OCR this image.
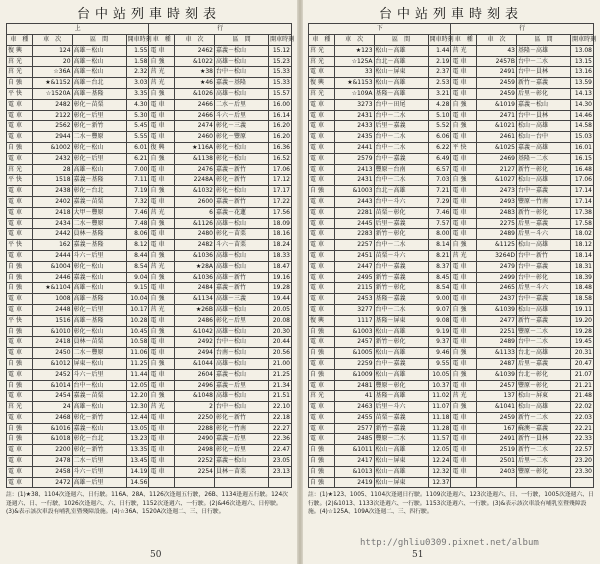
台中站列車時刻表
上				行			
車　種	車　次	區　間	開車時刻	車　種	車　次	區　間	開車時刻
復興	124	高雄－松山	1.55	電車	2462	嘉義－松山	15.12
莒光	20	高雄－松山	1.58	自強	&1022	高雄－松山	15.23
莒光	☆36A	高雄－松山	2.32	莒光	★38	台中－松山	15.33
自強	★&1152	高雄－台北	3.03	莒光	★46	嘉義－基隆	15.33
平快	☆1520A	高雄－基隆	3.35	自強	&1026	高雄－松山	15.57
電車	2482	彰化－苗栗	4.30	電車	2466	二水－后里	16.00
電車	2122	彰化－后里	5.30	電車	2466	斗六－后里	16.14
電車	2562	彰化－新竹	5.45	電車	2474	彰化－三義	16.20
電車	2944	二水－豐原	5.55	電車	2460	彰化－豐原	16.20
自強	&1002	彰化－松山	6.01	復興	★116A	彰化－松山	16.36
電車	2432	彰化－后里	6.21	自強	&1138	彰化－松山	16.52
莒光	28	高雄－松山	7.00	電車	2476	嘉義－新竹	17.06
平快	1518	嘉義－基隆	7.11	電車	2248A	彰化－新竹	17.12
電車	2438	彰化－台北	7.19	自強	&1032	彰化－松山	17.17
電車	2402	嘉義－苗栗	7.32	電車	2600	嘉義－新竹	17.22
電車	2418	大甲－豐原	7.46	莒光	6	嘉義－花蓮	17.56
電車	2434	二水－豐原	7.48	自強	&1126	高雄－松山	18.09
電車	2442	員林－基隆	8.06	電車	2480	彰化－苗栗	18.16
平快	162	嘉義－基隆	8.12	電車	2482	斗六－苗栗	18.24
電車	2444	斗六－后里	8.44	自強	&1036	高雄－松山	18.33
自強	&1004	彰化－松山	8.54	莒光	★28A	高雄－松山	18.47
自強	2446	嘉義－松山	9.04	自強	&1036	高雄－新竹	19.16
自強	★&1104	高雄－松山	9.15	電車	2484	嘉義－新竹	19.28
電車	1008	高雄－基隆	10.04	自強	&1134	高雄－三義	19.44
電車	2448	彰化－后里	10.17	莒光	★26B	高雄－松山	20.05
平快	1516	高雄－基隆	10.28	電車	2486	彰化－后里	20.08
自強	&1010	彰化－松山	10.45	自強	&1042	高雄－松山	20.30
電車	2418	員林－苗栗	10.58	電車	2492	台中－松山	20.44
電車	2450	二水－豐原	11.06	電車	2494	台南－松山	20.56
自強	&1012	屏東－松山	11.25	自強	&1044	高雄－松山	21.00
電車	2452	斗六－后里	11.44	電車	2604	嘉義－松山	21.25
自強	&1014	台中－松山	12.05	電車	2496	嘉義－后里	21.34
電車	2454	嘉義－苗栗	12.20	自強	&1048	高雄－松山	21.51
莒光	24	高雄－松山	12.30	莒光	2	台中－松山	22.10
電車	2468	彰化－新竹	12.44	電車	2250	彰化－新竹	22.18
自強	&1016	嘉義－松山	13.05	電車	2288	彰化－竹南	22.27
自強	&1018	彰化－台北	13.23	電車	2490	嘉義－后里	22.36
電車	2200	彰化－新竹	13.35	電車	2498	彰化－后里	22.47
電車	2478	二水－后里	13.45	電車	2252	嘉義－松山	23.05
電車	2458	斗六－后里	14.19	電車	2254	員林－苗栗	23.13
電車	2472	高雄－后里	14.56				
註：(1)★38、1104次逢週六、日行駛。116A、28A、1126次逢週五行駛，26B、1134逢週五行駛。124次逢週六、日、一行駛，1026次逢週六、六、日行駛，1152次逢週六、一行駛。(2)&46次逢週六、日停駛。(3)&表示該次車設有哺乳室暨殘障設施。(4)☆36A、1520A次逢週二、三、日行駛。
台中站列車時刻表
下				行			
車　種	車　次	區　間	開車時刻	車　種	車　次	區　間	開車時刻
莒光	★123	松山－高雄	1.44	莒光	43	基隆－高雄	13.08
莒光	☆125A	台北－高雄	2.19	電車	2457B	台中－二水	13.15
電車	33	松山－屏東	2.37	電車	2491	台中－員林	13.16
復興	★&1153	松山－高雄	2.53	電車	2459	新竹－嘉義	13.59
莒光	☆109A	基隆－高雄	3.21	電車	2459	后里－彰化	14.13
電車	3273	台中－田尾	4.28	自強	&1019	嘉義－松山	14.30
電車	2431	台中－二水	5.10	電車	2471	台中－員林	14.46
電車	2433	后里－嘉義	5.52	自強	&1021	松山－高雄	14.58
電車	2435	台中－二水	6.06	電車	2461	松山－台中	15.03
電車	2441	台中－二水	6.22	平快	&1025	嘉義－高雄	16.01
電車	2579	台中－嘉義	6.49	電車	2469	基隆－二水	16.15
電車	2413	豐原－台南	6.57	電車	2127	新竹－彰化	16.48
電車	2431	台中－二水	7.03	自強	&1027	松山－高雄	17.06
自強	&1003	台北－高雄	7.21	電車	2473	台中－嘉義	17.14
電車	2443	台中－斗六	7.29	電車	2493	豐原－竹南	17.14
電車	2281	苗栗－彰化	7.46	電車	2483	新竹－彰化	17.38
電車	2445	后里－嘉義	7.57	電車	2275	后里－嘉義	17.58
電車	2283	新竹－彰化	8.00	電車	2489	后里－斗六	18.02
電車	2257	台中－二水	8.14	自強	&1125	松山－高雄	18.12
電車	2451	苗栗－斗六	8.21	莒光	3264D	台中－新竹	18.14
電車	2447	台中－嘉義	8.37	電車	2479	台中－嘉義	18.31
電車	2495	新竹－嘉義	8.45	電車	2499	台中－彰化	18.39
電車	2115	新竹－彰化	8.54	電車	2465	后里－斗六	18.48
電車	2453	基隆－嘉義	9.00	電車	2437	台中－嘉義	18.58
電車	3277	台中－二水	9.07	自強	&1039	松山－高雄	19.11
復興	1117	基隆－屏東	9.08	電車	2477	新竹－嘉義	19.20
自強	&1003	松山－高雄	9.19	電車	2251	豐原－二水	19.28
電車	2457	新竹－彰化	9.37	電車	2489	台中－二水	19.45
自強	&1005	松山－高雄	9.46	自強	&1133	台北－高雄	20.31
電車	2259	台中－嘉義	9.55	電車	2487	后里－嘉義	20.47
自強	&1009	松山－高雄	10.05	自強	&1039	台北－彰化	21.07
電車	2481	豐原－彰化	10.37	電車	2457	豐原－彰化	21.21
莒光	41	基隆－高雄	11.02	莒光	137	松山－屏東	21.48
電車	2463	后里－斗六	11.07	自強	&1041	松山－高雄	22.02
電車	2455	苗栗－嘉義	11.18	電車	2459	新竹－二水	22.03
電車	2577	新竹－嘉義	11.28	電車	167	蘇澳－嘉義	22.21
電車	2485	豐原－二水	11.57	電車	2491	新竹－員林	22.33
自強	&1011	松山－高雄	12.05	電車	2519	新竹－二水	22.57
自強	2417	松山－屏東	12.24	電車	2501	后里－二水	23.20
自強	&1013	松山－高雄	12.32	電車	2403	豐原－彰化	23.30
自強	2419	松山－屏東	12.37				
註：(1)★123、1005、1104次逢週日行駛。1109次逢週六、123次逢週六、日、一行駛，1005次逢週六、日行駛。(2)&1013、1133次逢週六、一行駛。1153次逢週六、一行駛。(3)&表示該次車設有哺乳室暨殘障設施。(4)☆125A、109A次逢週二、三、四行駛。
50	51
http://ghliu0309.pixnet.net/album
